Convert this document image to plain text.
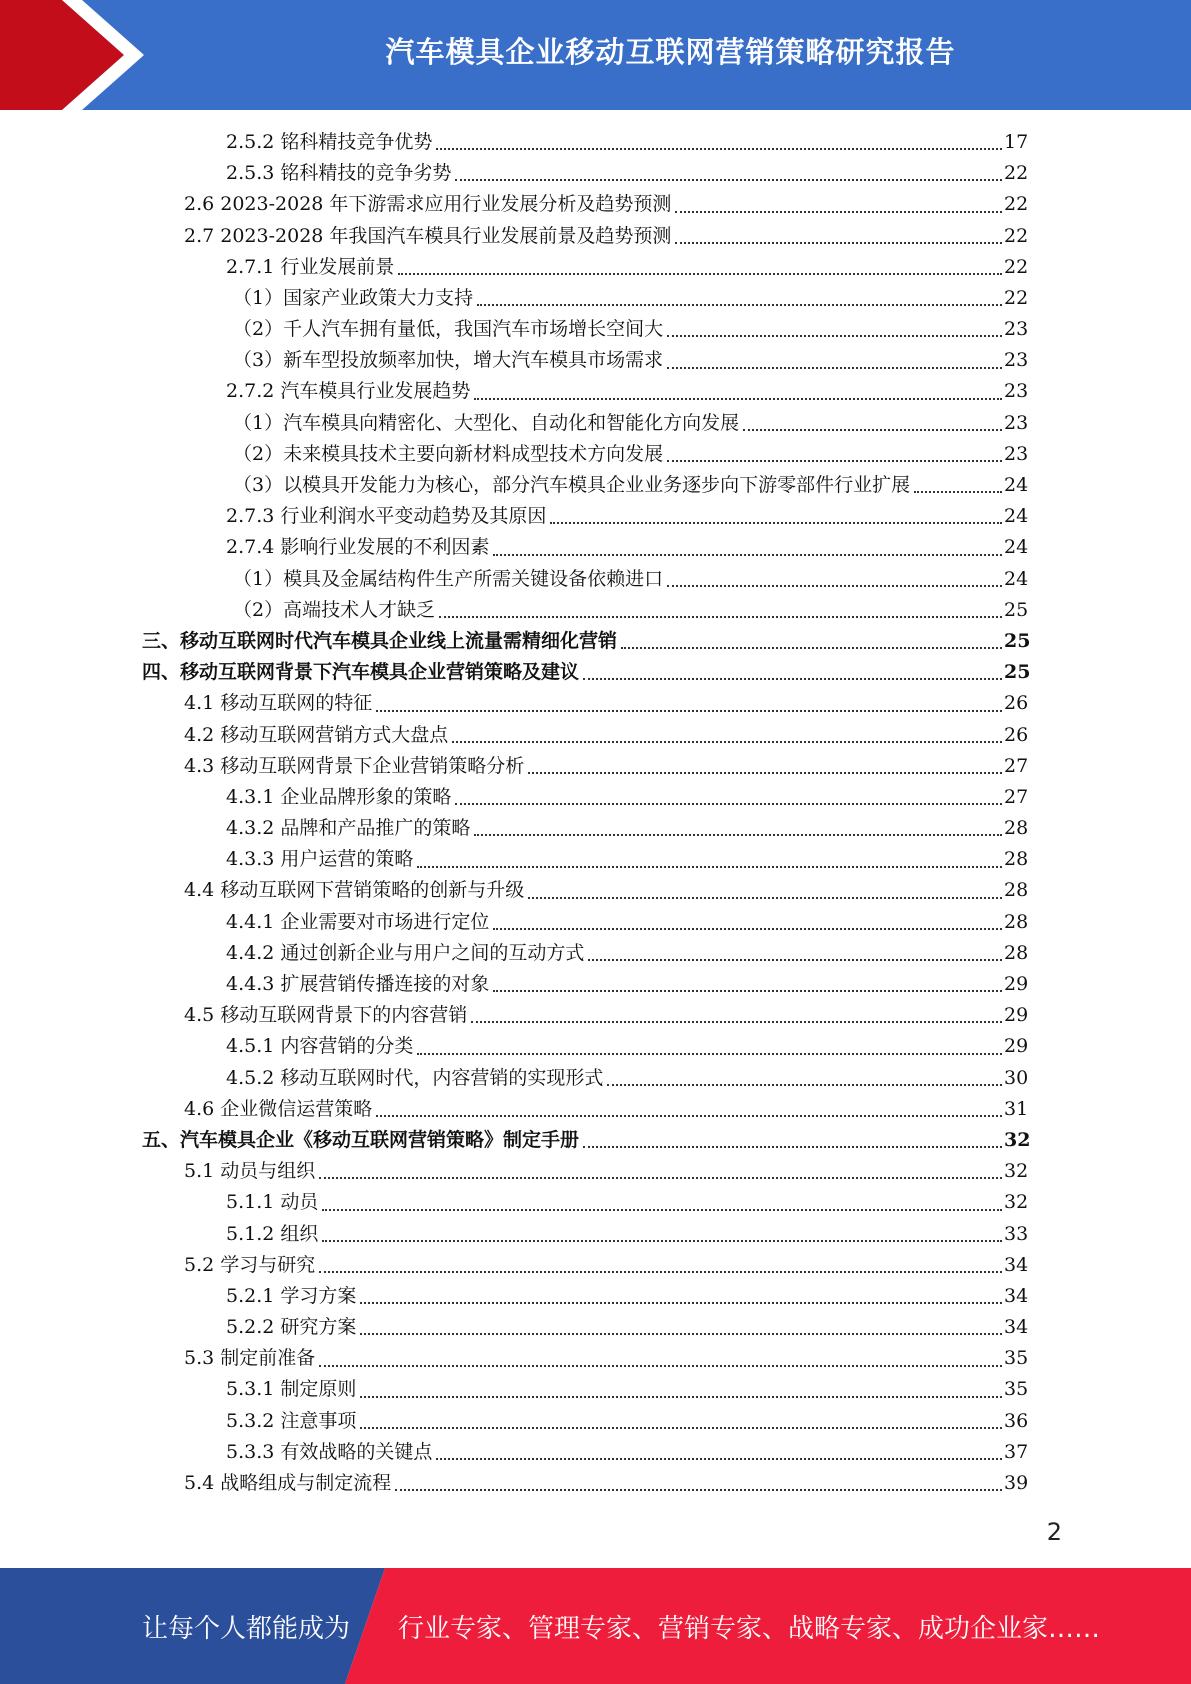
汽车模具企业移动互联网营销策略研究报告
2.5.2 铭科精技竞争优势	17
2.5.3 铭科精技的竞争劣势	22
2.6 2023-2028 年下游需求应用行业发展分析及趋势预测	22
2.7 2023-2028 年我国汽车模具行业发展前景及趋势预测	22
2.7.1 行业发展前景	22
（1）国家产业政策大力支持	22
（2）千人汽车拥有量低，我国汽车市场增长空间大	23
（3）新车型投放频率加快，增大汽车模具市场需求	23
2.7.2 汽车模具行业发展趋势	23
（1）汽车模具向精密化、大型化、自动化和智能化方向发展	23
（2）未来模具技术主要向新材料成型技术方向发展	23
（3）以模具开发能力为核心，部分汽车模具企业业务逐步向下游零部件行业扩展	24
2.7.3 行业利润水平变动趋势及其原因	24
2.7.4 影响行业发展的不利因素	24
（1）模具及金属结构件生产所需关键设备依赖进口	24
（2）高端技术人才缺乏	25
三、移动互联网时代汽车模具企业线上流量需精细化营销	25
四、移动互联网背景下汽车模具企业营销策略及建议	25
4.1 移动互联网的特征	26
4.2 移动互联网营销方式大盘点	26
4.3 移动互联网背景下企业营销策略分析	27
4.3.1 企业品牌形象的策略	27
4.3.2 品牌和产品推广的策略	28
4.3.3 用户运营的策略	28
4.4 移动互联网下营销策略的创新与升级	28
4.4.1 企业需要对市场进行定位	28
4.4.2 通过创新企业与用户之间的互动方式	28
4.4.3 扩展营销传播连接的对象	29
4.5 移动互联网背景下的内容营销	29
4.5.1 内容营销的分类	29
4.5.2 移动互联网时代，内容营销的实现形式	30
4.6 企业微信运营策略	31
五、汽车模具企业《移动互联网营销策略》制定手册	32
5.1 动员与组织	32
5.1.1 动员	32
5.1.2 组织	33
5.2 学习与研究	34
5.2.1 学习方案	34
5.2.2 研究方案	34
5.3 制定前准备	35
5.3.1 制定原则	35
5.3.2 注意事项	36
5.3.3 有效战略的关键点	37
5.4 战略组成与制定流程	39
2
让每个人都能成为 行业专家、管理专家、营销专家、战略专家、成功企业家……
